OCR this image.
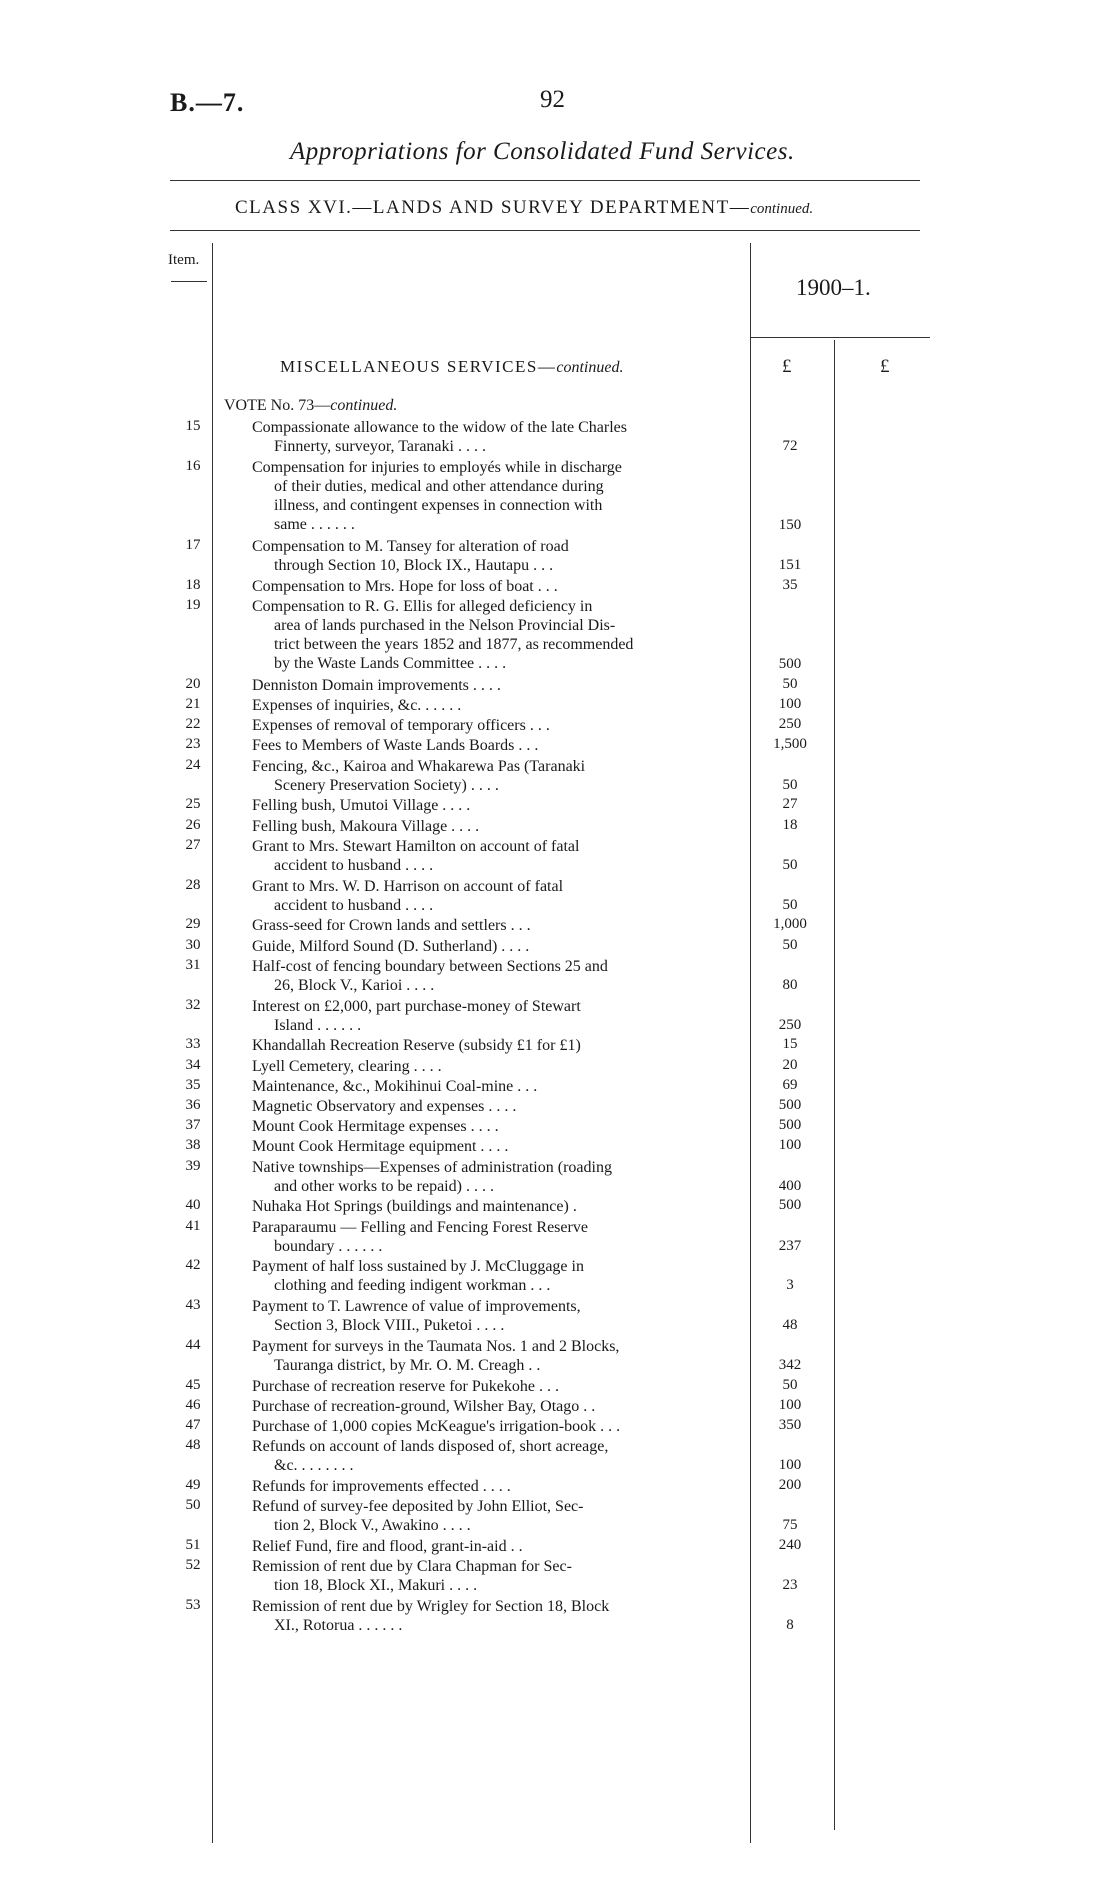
B.—7.	92
Appropriations for Consolidated Fund Services.
CLASS XVI.—LANDS AND SURVEY DEPARTMENT—continued.
Item.
1900–1.
MISCELLANEOUS SERVICES—continued.	£	£
VOTE No. 73—continued.
15	Compassionate allowance to the widow of the late Charles
Finnerty, surveyor, Taranaki . . . .	72
16	Compensation for injuries to employés while in discharge
of their duties, medical and other attendance during
illness, and contingent expenses in connection with
same . . . . . .	150
17	Compensation to M. Tansey for alteration of road
through Section 10, Block IX., Hautapu . . .	151
18	Compensation to Mrs. Hope for loss of boat . . .	35
19	Compensation to R. G. Ellis for alleged deficiency in
area of lands purchased in the Nelson Provincial Dis-
trict between the years 1852 and 1877, as recommended
by the Waste Lands Committee . . . .	500
20	Denniston Domain improvements . . . .	50
21	Expenses of inquiries, &c. . . . . .	100
22	Expenses of removal of temporary officers . . .	250
23	Fees to Members of Waste Lands Boards . . .	1,500
24	Fencing, &c., Kairoa and Whakarewa Pas (Taranaki
Scenery Preservation Society) . . . .	50
25	Felling bush, Umutoi Village . . . .	27
26	Felling bush, Makoura Village . . . .	18
27	Grant to Mrs. Stewart Hamilton on account of fatal
accident to husband . . . .	50
28	Grant to Mrs. W. D. Harrison on account of fatal
accident to husband . . . .	50
29	Grass-seed for Crown lands and settlers . . .	1,000
30	Guide, Milford Sound (D. Sutherland) . . . .	50
31	Half-cost of fencing boundary between Sections 25 and
26, Block V., Karioi . . . .	80
32	Interest on £2,000, part purchase-money of Stewart
Island . . . . . .	250
33	Khandallah Recreation Reserve (subsidy £1 for £1)	15
34	Lyell Cemetery, clearing . . . .	20
35	Maintenance, &c., Mokihinui Coal-mine . . .	69
36	Magnetic Observatory and expenses . . . .	500
37	Mount Cook Hermitage expenses . . . .	500
38	Mount Cook Hermitage equipment . . . .	100
39	Native townships—Expenses of administration (roading
and other works to be repaid) . . . .	400
40	Nuhaka Hot Springs (buildings and maintenance) .	500
41	Paraparaumu — Felling and Fencing Forest Reserve
boundary . . . . . .	237
42	Payment of half loss sustained by J. McCluggage in
clothing and feeding indigent workman . . .	3
43	Payment to T. Lawrence of value of improvements,
Section 3, Block VIII., Puketoi . . . .	48
44	Payment for surveys in the Taumata Nos. 1 and 2 Blocks,
Tauranga district, by Mr. O. M. Creagh . .	342
45	Purchase of recreation reserve for Pukekohe . . .	50
46	Purchase of recreation-ground, Wilsher Bay, Otago . .	100
47	Purchase of 1,000 copies McKeague's irrigation-book . . .	350
48	Refunds on account of lands disposed of, short acreage,
&c. . . . . . . .	100
49	Refunds for improvements effected . . . .	200
50	Refund of survey-fee deposited by John Elliot, Sec-
tion 2, Block V., Awakino . . . .	75
51	Relief Fund, fire and flood, grant-in-aid . .	240
52	Remission of rent due by Clara Chapman for Sec-
tion 18, Block XI., Makuri . . . .	23
53	Remission of rent due by Wrigley for Section 18, Block
XI., Rotorua . . . . . .	8
